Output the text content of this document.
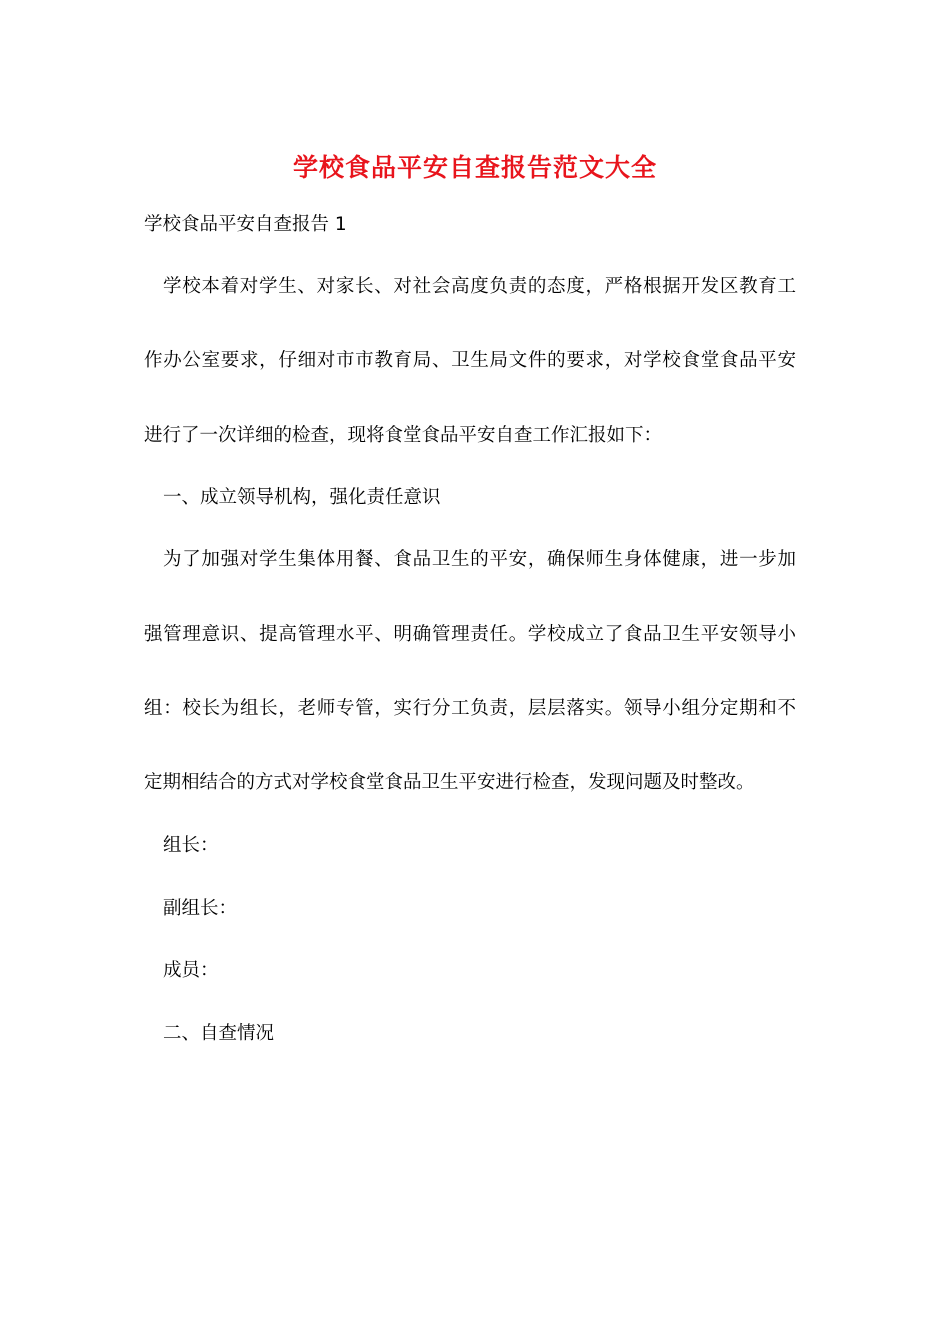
学校食品平安自查报告范文大全

学校食品平安自查报告 1

学校本着对学生、对家长、对社会高度负责的态度，严格根据开发区教育工

作办公室要求，仔细对市市教育局、卫生局文件的要求，对学校食堂食品平安

进行了一次详细的检查，现将食堂食品平安自查工作汇报如下：

一、成立领导机构，强化责任意识

为了加强对学生集体用餐、食品卫生的平安，确保师生身体健康，进一步加

强管理意识、提高管理水平、明确管理责任。学校成立了食品卫生平安领导小

组：校长为组长，老师专管，实行分工负责，层层落实。领导小组分定期和不

定期相结合的方式对学校食堂食品卫生平安进行检查，发现问题及时整改。

组长：

副组长：

成员：

二、自查情况
